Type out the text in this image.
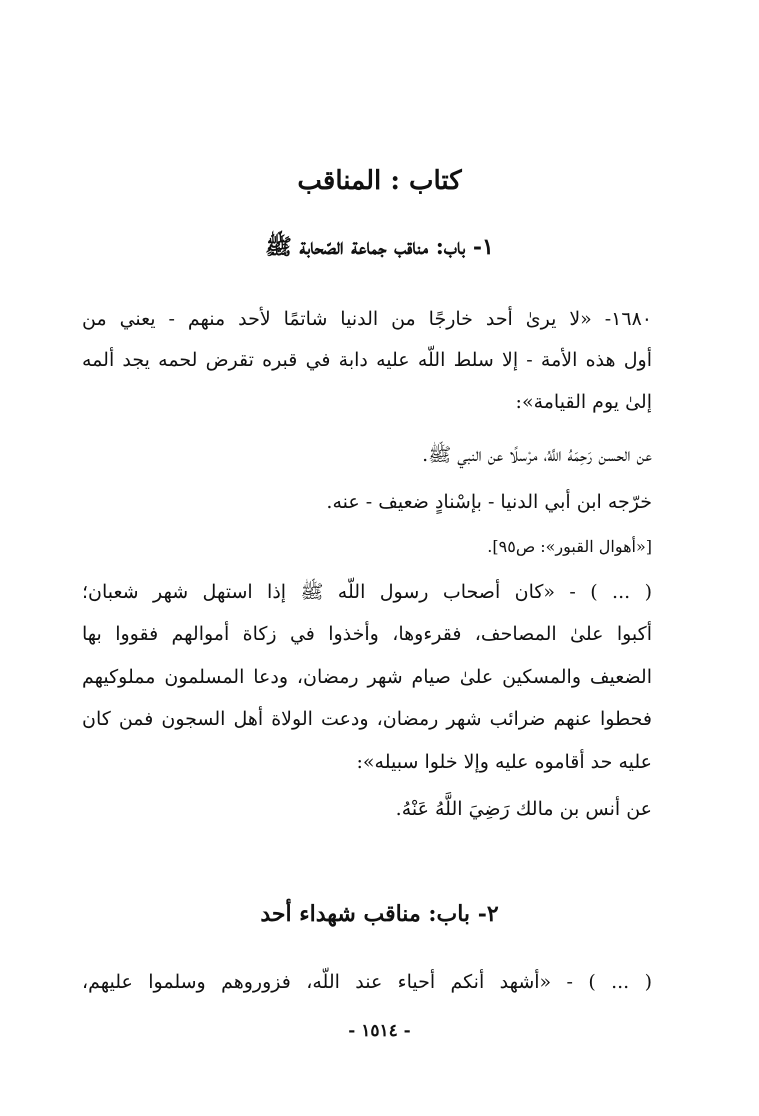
كتاب : المناقب
١- باب: مناقب جماعة الصّحابة ﷺ
١٦٨٠- «لا يرىٰ أحد خارجًا من الدنيا شاتمًا لأحد منهم - يعني من
أول هذه الأمة - إلا سلط اللّه عليه دابة في قبره تقرض لحمه يجد ألمه
إلىٰ يوم القيامة»:
عن الحسن رَحِمَهُ اللَّهُ، مرْسلًا عن النبي ﷺ.
خرّجه ابن أبي الدنيا - بإسْنادٍ ضعيف - عنه.
[«أهوال القبور»: ص٩٥].
( ... ) - «كان أصحاب رسول اللّه ﷺ إذا استهل شهر شعبان؛
أكبوا علىٰ المصاحف، فقرءوها، وأخذوا في زكاة أموالهم فقووا بها
الضعيف والمسكين علىٰ صيام شهر رمضان، ودعا المسلمون مملوكيهم
فحطوا عنهم ضرائب شهر رمضان، ودعت الولاة أهل السجون فمن كان
عليه حد أقاموه عليه وإلا خلوا سبيله»:
عن أنس بن مالك رَضِيَ اللَّهُ عَنْهُ.
٢- باب: مناقب شهداء أحد
( ... ) - «أشهد أنكم أحياء عند اللّه، فزوروهم وسلموا عليهم،
- ١٥١٤ -
